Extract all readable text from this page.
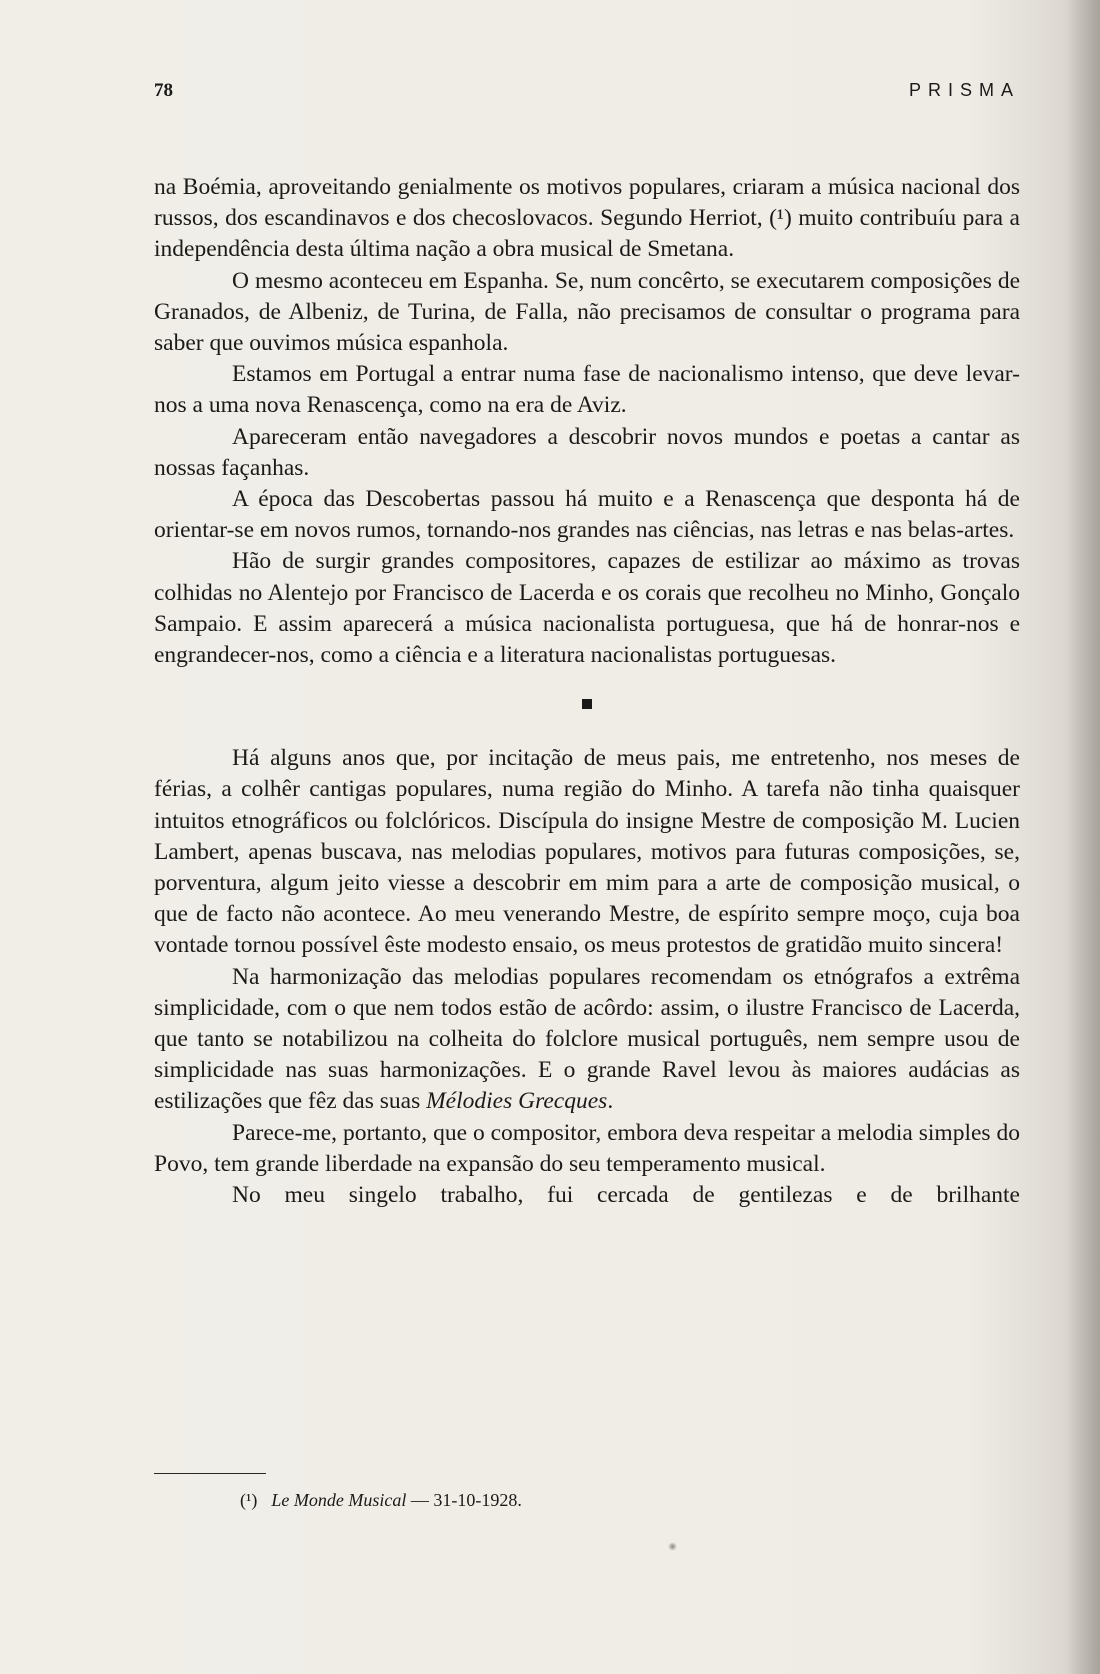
78	PRISMA

na Boémia, aproveitando genialmente os motivos populares, criaram a música nacional dos russos, dos escandinavos e dos checoslovacos. Segundo Herriot, (¹) muito contribuíu para a independência desta última nação a obra musical de Smetana.

O mesmo aconteceu em Espanha. Se, num concêrto, se executarem composições de Granados, de Albeniz, de Turina, de Falla, não precisamos de consultar o programa para saber que ouvimos música espanhola.

Estamos em Portugal a entrar numa fase de nacionalismo intenso, que deve levar-nos a uma nova Renascença, como na era de Aviz.

Apareceram então navegadores a descobrir novos mundos e poetas a cantar as nossas façanhas.

A época das Descobertas passou há muito e a Renascença que desponta há de orientar-se em novos rumos, tornando-nos grandes nas ciências, nas letras e nas belas-artes.

Hão de surgir grandes compositores, capazes de estilizar ao máximo as trovas colhidas no Alentejo por Francisco de Lacerda e os corais que recolheu no Minho, Gonçalo Sampaio. E assim aparecerá a música nacionalista portuguesa, que há de honrar-nos e engrandecer-nos, como a ciência e a literatura nacionalistas portuguesas.

Há alguns anos que, por incitação de meus pais, me entretenho, nos meses de férias, a colhêr cantigas populares, numa região do Minho. A tarefa não tinha quaisquer intuitos etnográficos ou folclóricos. Discípula do insigne Mestre de composição M. Lucien Lambert, apenas buscava, nas melodias populares, motivos para futuras composições, se, porventura, algum jeito viesse a descobrir em mim para a arte de composição musical, o que de facto não acontece. Ao meu venerando Mestre, de espírito sempre moço, cuja boa vontade tornou possível êste modesto ensaio, os meus protestos de gratidão muito sincera!

Na harmonização das melodias populares recomendam os etnógrafos a extrêma simplicidade, com o que nem todos estão de acôrdo: assim, o ilustre Francisco de Lacerda, que tanto se notabilizou na colheita do folclore musical português, nem sempre usou de simplicidade nas suas harmonizações. E o grande Ravel levou às maiores audácias as estilizações que fêz das suas Mélodies Grecques.

Parece-me, portanto, que o compositor, embora deva respeitar a melodia simples do Povo, tem grande liberdade na expansão do seu temperamento musical.

No meu singelo trabalho, fui cercada de gentilezas e de brilhante

(¹) Le Monde Musical — 31-10-1928.
